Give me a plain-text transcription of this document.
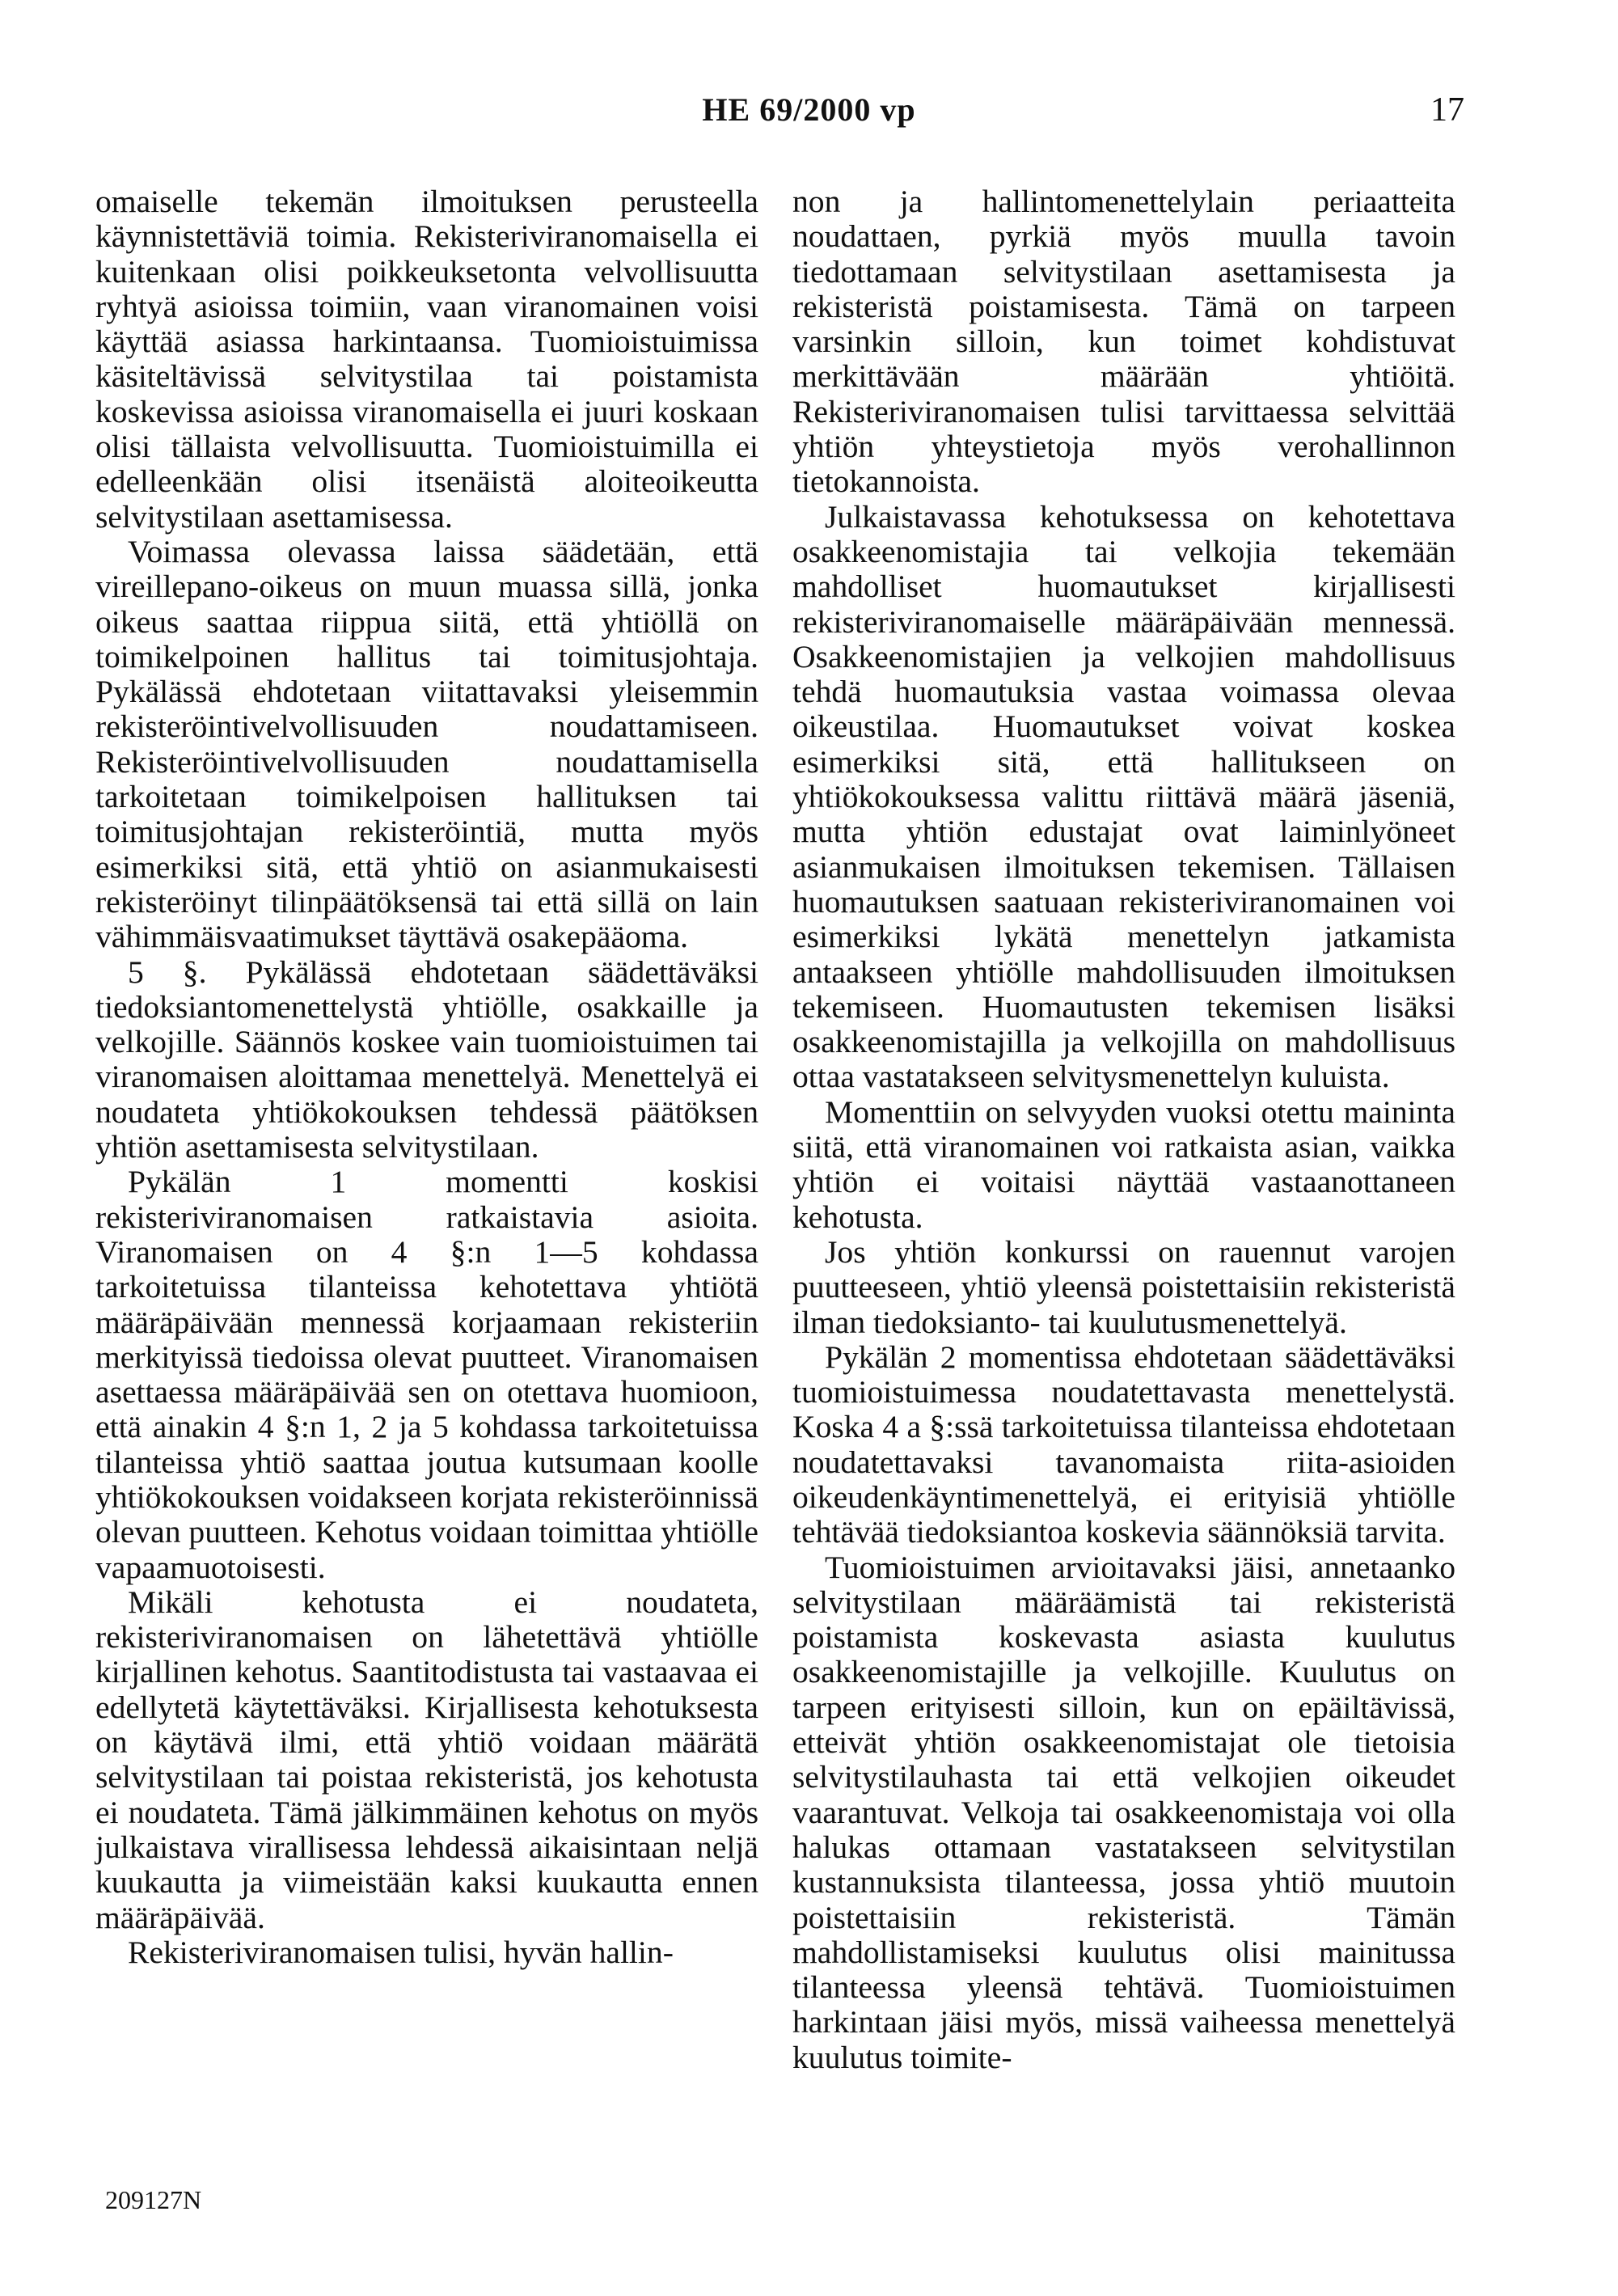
HE 69/2000 vp	17

omaiselle tekemän ilmoituksen perusteella käynnistettäviä toimia. Rekisteriviranomaisella ei kuitenkaan olisi poikkeuksetonta velvollisuutta ryhtyä asioissa toimiin, vaan viranomainen voisi käyttää asiassa harkintaansa. Tuomioistuimissa käsiteltävissä selvitystilaa tai poistamista koskevissa asioissa viranomaisella ei juuri koskaan olisi tällaista velvollisuutta. Tuomioistuimilla ei edelleenkään olisi itsenäistä aloiteoikeutta selvitystilaan asettamisessa.

Voimassa olevassa laissa säädetään, että vireillepano-oikeus on muun muassa sillä, jonka oikeus saattaa riippua siitä, että yhtiöllä on toimikelpoinen hallitus tai toimitusjohtaja. Pykälässä ehdotetaan viitattavaksi yleisemmin rekisteröintivelvollisuuden noudattamiseen. Rekisteröintivelvollisuuden noudattamisella tarkoitetaan toimikelpoisen hallituksen tai toimitusjohtajan rekisteröintiä, mutta myös esimerkiksi sitä, että yhtiö on asianmukaisesti rekisteröinyt tilinpäätöksensä tai että sillä on lain vähimmäisvaatimukset täyttävä osakepääoma.

5 §. Pykälässä ehdotetaan säädettäväksi tiedoksiantomenettelystä yhtiölle, osakkaille ja velkojille. Säännös koskee vain tuomioistuimen tai viranomaisen aloittamaa menettelyä. Menettelyä ei noudateta yhtiökokouksen tehdessä päätöksen yhtiön asettamisesta selvitystilaan.

Pykälän 1 momentti koskisi rekisteriviranomaisen ratkaistavia asioita. Viranomaisen on 4 §:n 1—5 kohdassa tarkoitetuissa tilanteissa kehotettava yhtiötä määräpäivään mennessä korjaamaan rekisteriin merkityissä tiedoissa olevat puutteet. Viranomaisen asettaessa määräpäivää sen on otettava huomioon, että ainakin 4 §:n 1, 2 ja 5 kohdassa tarkoitetuissa tilanteissa yhtiö saattaa joutua kutsumaan koolle yhtiökokouksen voidakseen korjata rekisteröinnissä olevan puutteen. Kehotus voidaan toimittaa yhtiölle vapaamuotoisesti.

Mikäli kehotusta ei noudateta, rekisteriviranomaisen on lähetettävä yhtiölle kirjallinen kehotus. Saantitodistusta tai vastaavaa ei edellytetä käytettäväksi. Kirjallisesta kehotuksesta on käytävä ilmi, että yhtiö voidaan määrätä selvitystilaan tai poistaa rekisteristä, jos kehotusta ei noudateta. Tämä jälkimmäinen kehotus on myös julkaistava virallisessa lehdessä aikaisintaan neljä kuukautta ja viimeistään kaksi kuukautta ennen määräpäivää.

Rekisteriviranomaisen tulisi, hyvän hallin-

non ja hallintomenettelylain periaatteita noudattaen, pyrkiä myös muulla tavoin tiedottamaan selvitystilaan asettamisesta ja rekisteristä poistamisesta. Tämä on tarpeen varsinkin silloin, kun toimet kohdistuvat merkittävään määrään yhtiöitä. Rekisteriviranomaisen tulisi tarvittaessa selvittää yhtiön yhteystietoja myös verohallinnon tietokannoista.

Julkaistavassa kehotuksessa on kehotettava osakkeenomistajia tai velkojia tekemään mahdolliset huomautukset kirjallisesti rekisteriviranomaiselle määräpäivään mennessä. Osakkeenomistajien ja velkojien mahdollisuus tehdä huomautuksia vastaa voimassa olevaa oikeustilaa. Huomautukset voivat koskea esimerkiksi sitä, että hallitukseen on yhtiökokouksessa valittu riittävä määrä jäseniä, mutta yhtiön edustajat ovat laiminlyöneet asianmukaisen ilmoituksen tekemisen. Tällaisen huomautuksen saatuaan rekisteriviranomainen voi esimerkiksi lykätä menettelyn jatkamista antaakseen yhtiölle mahdollisuuden ilmoituksen tekemiseen. Huomautusten tekemisen lisäksi osakkeenomistajilla ja velkojilla on mahdollisuus ottaa vastatakseen selvitysmenettelyn kuluista.

Momenttiin on selvyyden vuoksi otettu maininta siitä, että viranomainen voi ratkaista asian, vaikka yhtiön ei voitaisi näyttää vastaanottaneen kehotusta.

Jos yhtiön konkurssi on rauennut varojen puutteeseen, yhtiö yleensä poistettaisiin rekisteristä ilman tiedoksianto- tai kuulutusmenettelyä.

Pykälän 2 momentissa ehdotetaan säädettäväksi tuomioistuimessa noudatettavasta menettelystä. Koska 4 a §:ssä tarkoitetuissa tilanteissa ehdotetaan noudatettavaksi tavanomaista riita-asioiden oikeudenkäyntimenettelyä, ei erityisiä yhtiölle tehtävää tiedoksiantoa koskevia säännöksiä tarvita.

Tuomioistuimen arvioitavaksi jäisi, annetaanko selvitystilaan määräämistä tai rekisteristä poistamista koskevasta asiasta kuulutus osakkeenomistajille ja velkojille. Kuulutus on tarpeen erityisesti silloin, kun on epäiltävissä, etteivät yhtiön osakkeenomistajat ole tietoisia selvitystilauhasta tai että velkojien oikeudet vaarantuvat. Velkoja tai osakkeenomistaja voi olla halukas ottamaan vastatakseen selvitystilan kustannuksista tilanteessa, jossa yhtiö muutoin poistettaisiin rekisteristä. Tämän mahdollistamiseksi kuulutus olisi mainitussa tilanteessa yleensä tehtävä. Tuomioistuimen harkintaan jäisi myös, missä vaiheessa menettelyä kuulutus toimite-

209127N
